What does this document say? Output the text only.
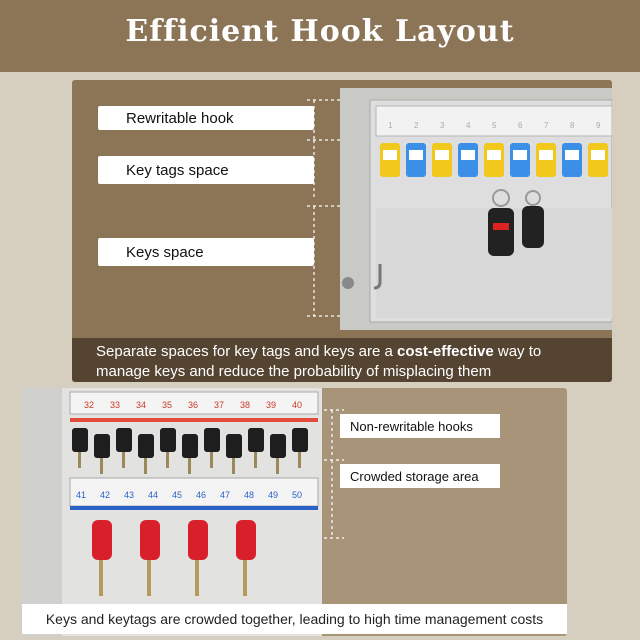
Efficient Hook Layout
1	2	3	4	5	6	7	8	9
Rewritable hook
Key tags space
Keys space
Separate spaces for key tags and keys are a cost-effective way to
manage keys and reduce the probability of misplacing them
32 33 34 35 36 37 38 39 40
41 42 43 44 45 46 47 48 49 50
Non-rewritable hooks
Crowded storage area
Keys and keytags are crowded together, leading to high time management costs
